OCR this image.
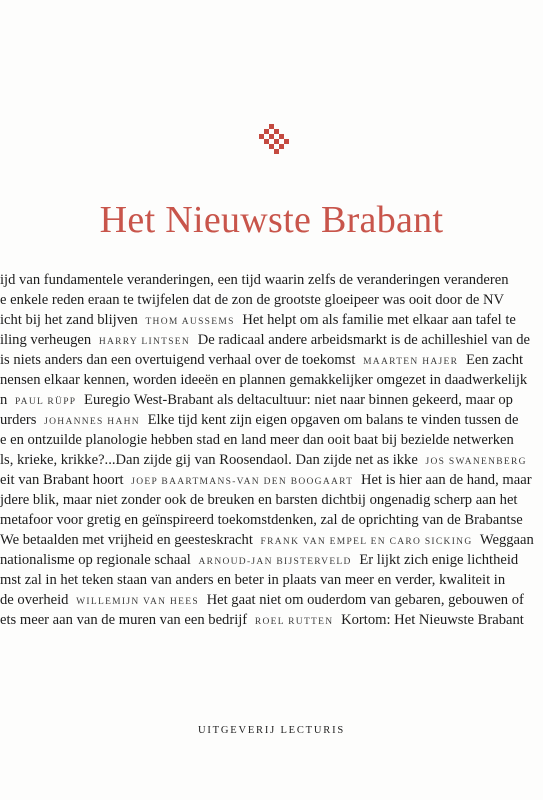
Het Nieuwste Brabant
ijd van fundamentele veranderingen, een tijd waarin zelfs de veranderingen veranderen
e enkele reden eraan te twijfelen dat de zon de grootste gloeipeer was ooit door de NV
icht bij het zand blijven THOM AUSSEMS Het helpt om als familie met elkaar aan tafel te
iling verheugen HARRY LINTSEN De radicaal andere arbeidsmarkt is de achilleshiel van de
is niets anders dan een overtuigend verhaal over de toekomst MAARTEN HAJER Een zacht
nensen elkaar kennen, worden ideeën en plannen gemakkelijker omgezet in daadwerkelijk
n PAUL RÜPP Euregio West-Brabant als deltacultuur: niet naar binnen gekeerd, maar op
urders JOHANNES HAHN Elke tijd kent zijn eigen opgaven om balans te vinden tussen de
e en ontzuilde planologie hebben stad en land meer dan ooit baat bij bezielde netwerken
ls, krieke, krikke?...Dan zijde gij van Roosendaol. Dan zijde net as ikke JOS SWANENBERG
eit van Brabant hoort JOEP BAARTMANS-VAN DEN BOOGAART Het is hier aan de hand, maar
jdere blik, maar niet zonder ook de breuken en barsten dichtbij ongenadig scherp aan het
metafoor voor gretig en geïnspireerd toekomstdenken, zal de oprichting van de Brabantse
We betaalden met vrijheid en geesteskracht FRANK VAN EMPEL EN CARO SICKING Weggaan
nationalisme op regionale schaal ARNOUD-JAN BIJSTERVELD Er lijkt zich enige lichtheid
mst zal in het teken staan van anders en beter in plaats van meer en verder, kwaliteit in
de overheid WILLEMIJN VAN HEES Het gaat niet om ouderdom van gebaren, gebouwen of
ets meer aan van de muren van een bedrijf ROEL RUTTEN Kortom: Het Nieuwste Brabant
UITGEVERIJ LECTURIS
